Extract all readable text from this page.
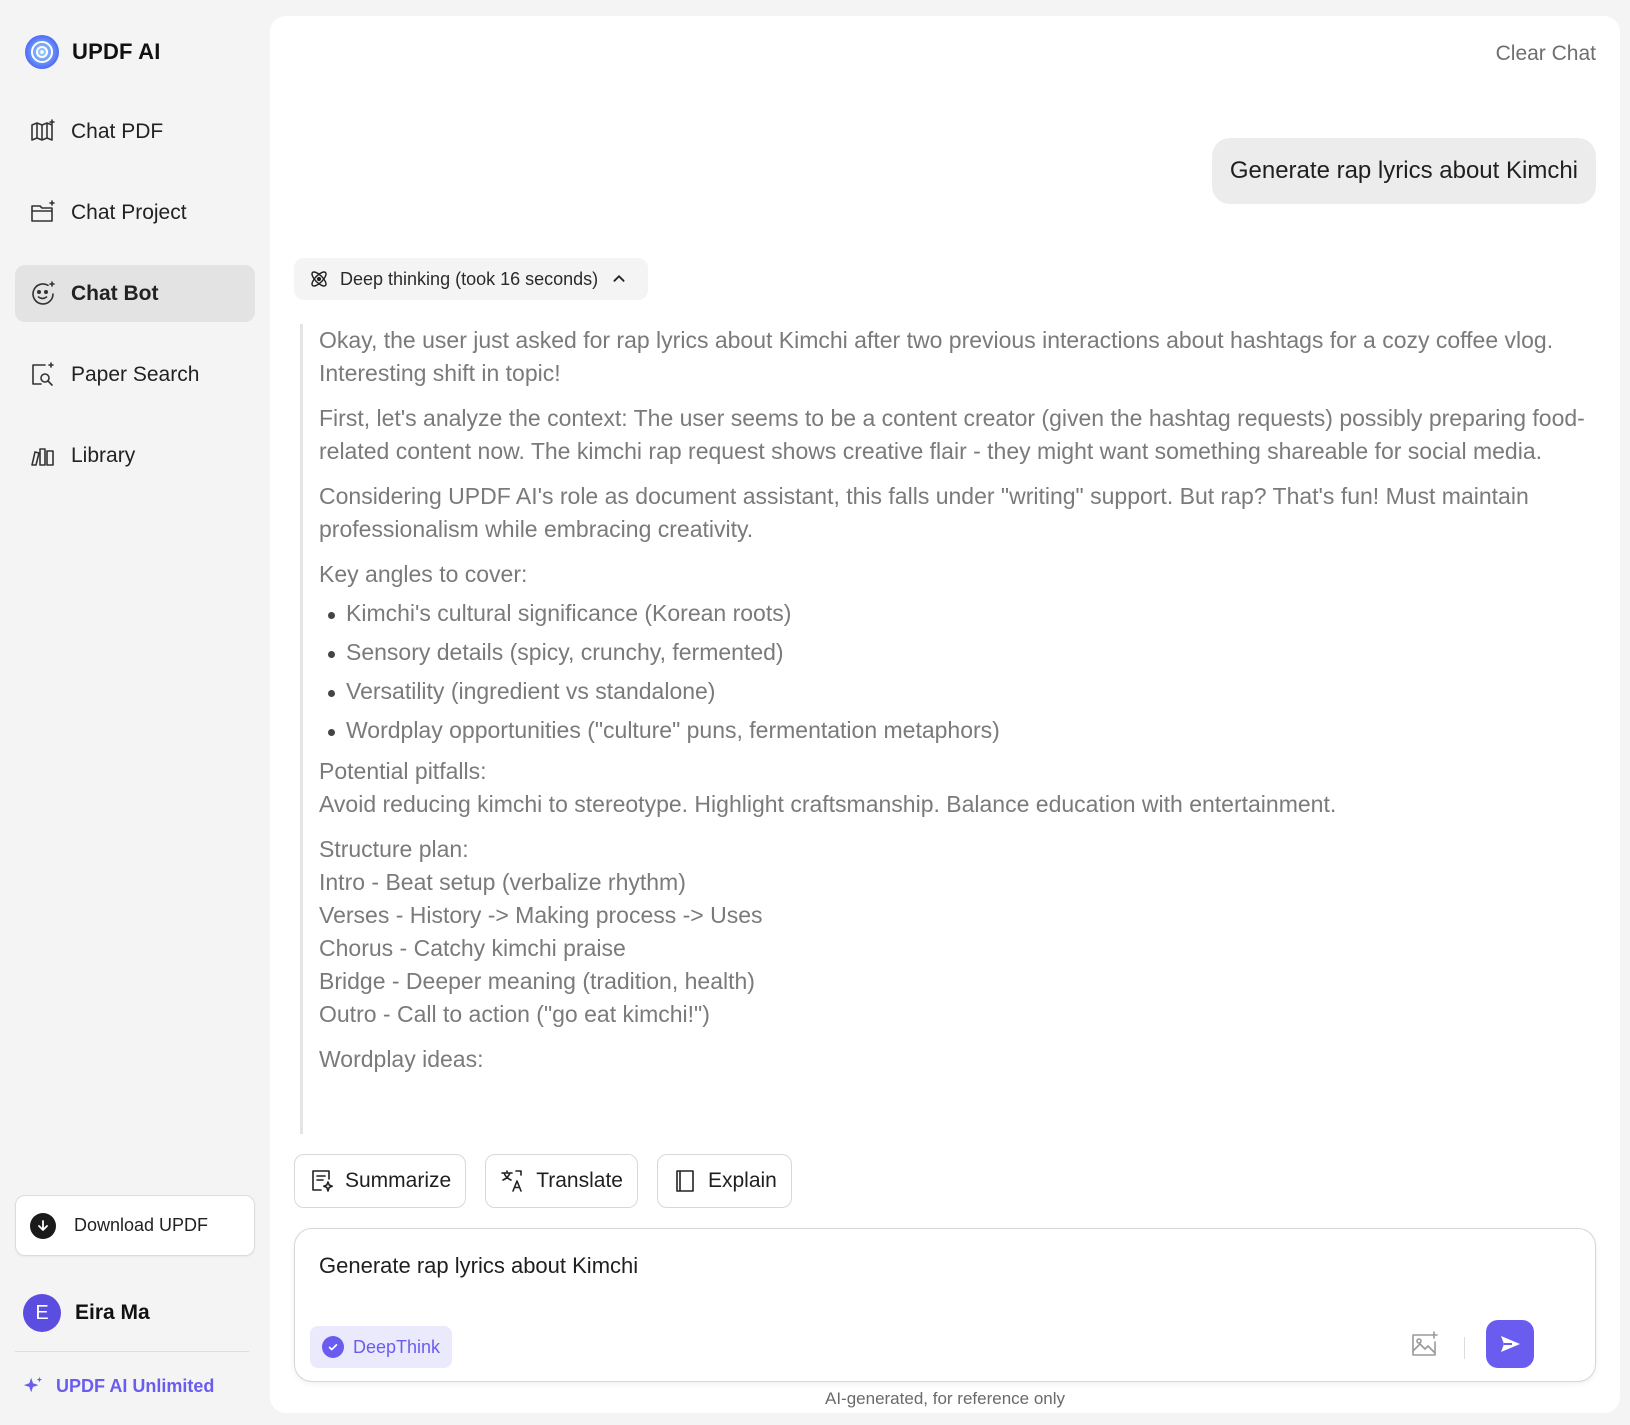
UPDF AI
Chat PDF
Chat Project
Chat Bot
Paper Search
Library
Download UPDF
E	Eira Ma
UPDF AI Unlimited
Clear Chat
Generate rap lyrics about Kimchi
Deep thinking (took 16 seconds)

Okay, the user just asked for rap lyrics about Kimchi after two previous interactions about hashtags for a cozy coffee vlog. Interesting shift in topic!

First, let's analyze the context: The user seems to be a content creator (given the hashtag requests) possibly preparing food-related content now. The kimchi rap request shows creative flair - they might want something shareable for social media.

Considering UPDF AI's role as document assistant, this falls under "writing" support. But rap? That's fun! Must maintain professionalism while embracing creativity.

Key angles to cover:

Kimchi's cultural significance (Korean roots)
Sensory details (spicy, crunchy, fermented)
Versatility (ingredient vs standalone)
Wordplay opportunities ("culture" puns, fermentation metaphors)

Potential pitfalls:
Avoid reducing kimchi to stereotype. Highlight craftsmanship. Balance education with entertainment.

Structure plan:
Intro - Beat setup (verbalize rhythm)
Verses - History -> Making process -> Uses
Chorus - Catchy kimchi praise
Bridge - Deeper meaning (tradition, health)
Outro - Call to action ("go eat kimchi!")

Wordplay ideas:

Summarize	Translate	Explain
Generate rap lyrics about Kimchi
DeepThink
AI-generated, for reference only
